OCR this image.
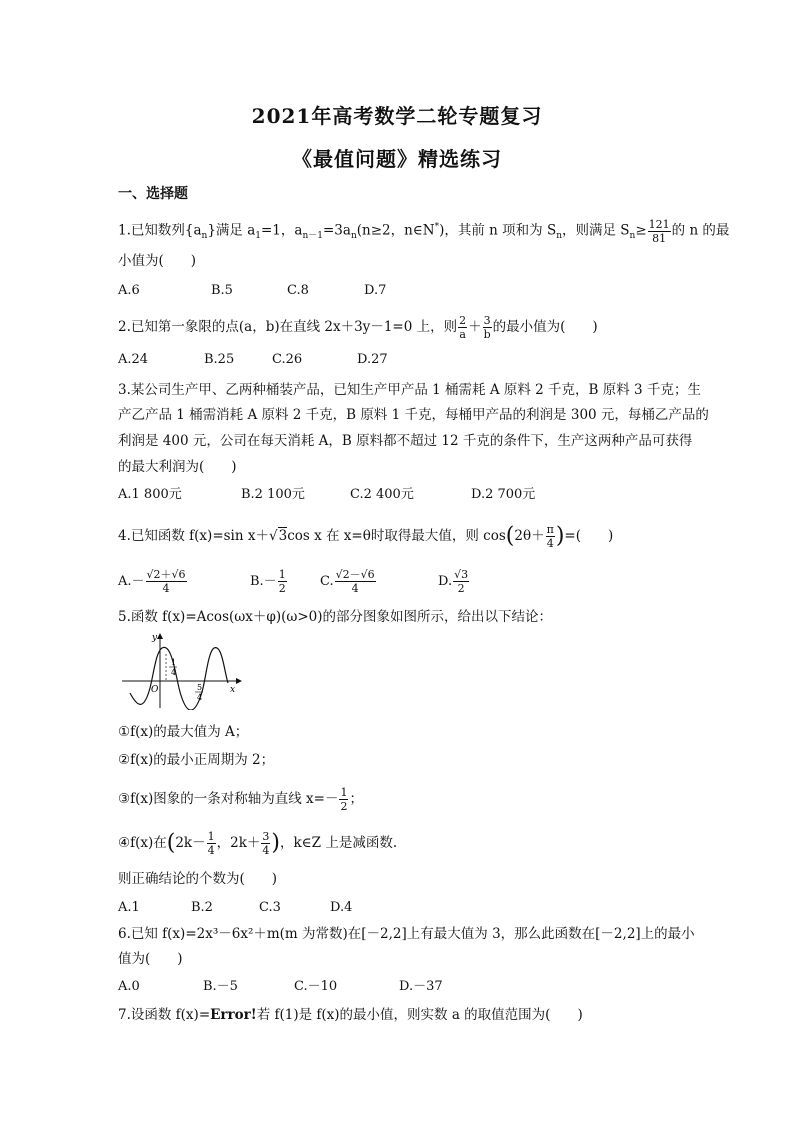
2021年高考数学二轮专题复习
《最值问题》精选练习
一、选择题
1.已知数列$\{a_n\}$满足 $a_1=1$，$a_{n-1}=3a_n(n\ge 2$，n∈N*)，其前 n 项和为 $S_n$，则满足 $S_n\ge \frac{121}{81}$ 的 n 的最
小值为(　　)
A.6	B.5	C.8	D.7
2.已知第一象限的点(a，b)在直线 2x＋3y－1=0 上，则 $\frac{2}{a} + \frac{3}{b}$ 的最小值为(　　)
A.24	B.25	C.26	D.27
3.某公司生产甲、乙两种桶装产品，已知生产甲产品 1 桶需耗 A 原料 2 千克，B 原料 3 千克；生
产乙产品 1 桶需消耗 A 原料 2 千克，B 原料 1 千克，每桶甲产品的利润是 300 元，每桶乙产品的
利润是 400 元，公司在每天消耗 A，B 原料都不超过 12 千克的条件下，生产这两种产品可获得
的最大利润为(　　)
A.1 800元	B.2 100元	C.2 400元	D.2 700元
4.已知函数 f(x)=sin x＋√3cos x 在 x=θ时取得最大值，则 $\cos(2\theta+ \frac{\pi}{4}$ )=(　　)
$A.- \frac{√2+√6}{4}$	$B.- \frac{1}{2}$	C. $\frac{√2-√6}{4}$	D. $\frac{√3}{2}$
5.函数 f(x)=Acos(ωx＋φ)(ω>0)的部分图象如图所示，给出以下结论：
y
x
O
1
4
5
4
①f(x)的最大值为 A；
②f(x)的最小正周期为 2；
③f(x)图象的一条对称轴为直线 $x=- \frac{1}{2}$ ；
④f(x)在($2k- \frac{1}{4}$ ，$2k+ \frac{3}{4}$ )，k∈Z 上是减函数.
则正确结论的个数为(　　)
A.1	B.2	C.3	D.4
6.已知 f(x)=2x³－6x²＋m(m 为常数)在[－2,2]上有最大值为 3，那么此函数在[－2,2]上的最小
值为(　　)
A.0	B.－5	C.－10	D.－37
7.设函数 f(x)=Error!若 f(1)是 f(x)的最小值，则实数 a 的取值范围为(　　)
